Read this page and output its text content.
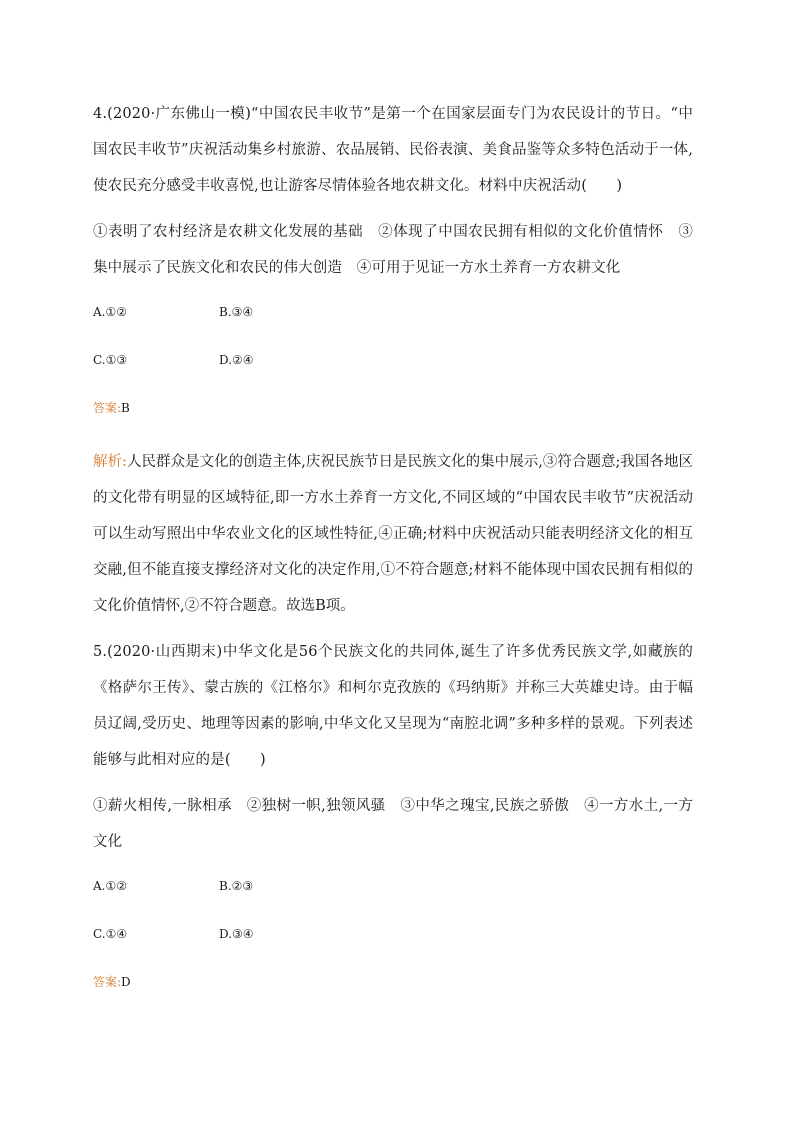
4.(2020·广东佛山一模)“中国农民丰收节”是第一个在国家层面专门为农民设计的节日。“中国农民丰收节”庆祝活动集乡村旅游、农品展销、民俗表演、美食品鉴等众多特色活动于一体,使农民充分感受丰收喜悦,也让游客尽情体验各地农耕文化。材料中庆祝活动(　　)

①表明了农村经济是农耕文化发展的基础　②体现了中国农民拥有相似的文化价值情怀　③集中展示了民族文化和农民的伟大创造　④可用于见证一方水土养育一方农耕文化

A.①②	B.③④
C.①③	D.②④

答案:B

解析:人民群众是文化的创造主体,庆祝民族节日是民族文化的集中展示,③符合题意;我国各地区的文化带有明显的区域特征,即一方水土养育一方文化,不同区域的“中国农民丰收节”庆祝活动可以生动写照出中华农业文化的区域性特征,④正确;材料中庆祝活动只能表明经济文化的相互交融,但不能直接支撑经济对文化的决定作用,①不符合题意;材料不能体现中国农民拥有相似的文化价值情怀,②不符合题意。故选B项。

5.(2020·山西期末)中华文化是56个民族文化的共同体,诞生了许多优秀民族文学,如藏族的《格萨尔王传》、蒙古族的《江格尔》和柯尔克孜族的《玛纳斯》并称三大英雄史诗。由于幅员辽阔,受历史、地理等因素的影响,中华文化又呈现为“南腔北调”多种多样的景观。下列表述能够与此相对应的是(　　)

①薪火相传,一脉相承　②独树一帜,独领风骚　③中华之瑰宝,民族之骄傲　④一方水土,一方文化

A.①②	B.②③
C.①④	D.③④

答案:D
